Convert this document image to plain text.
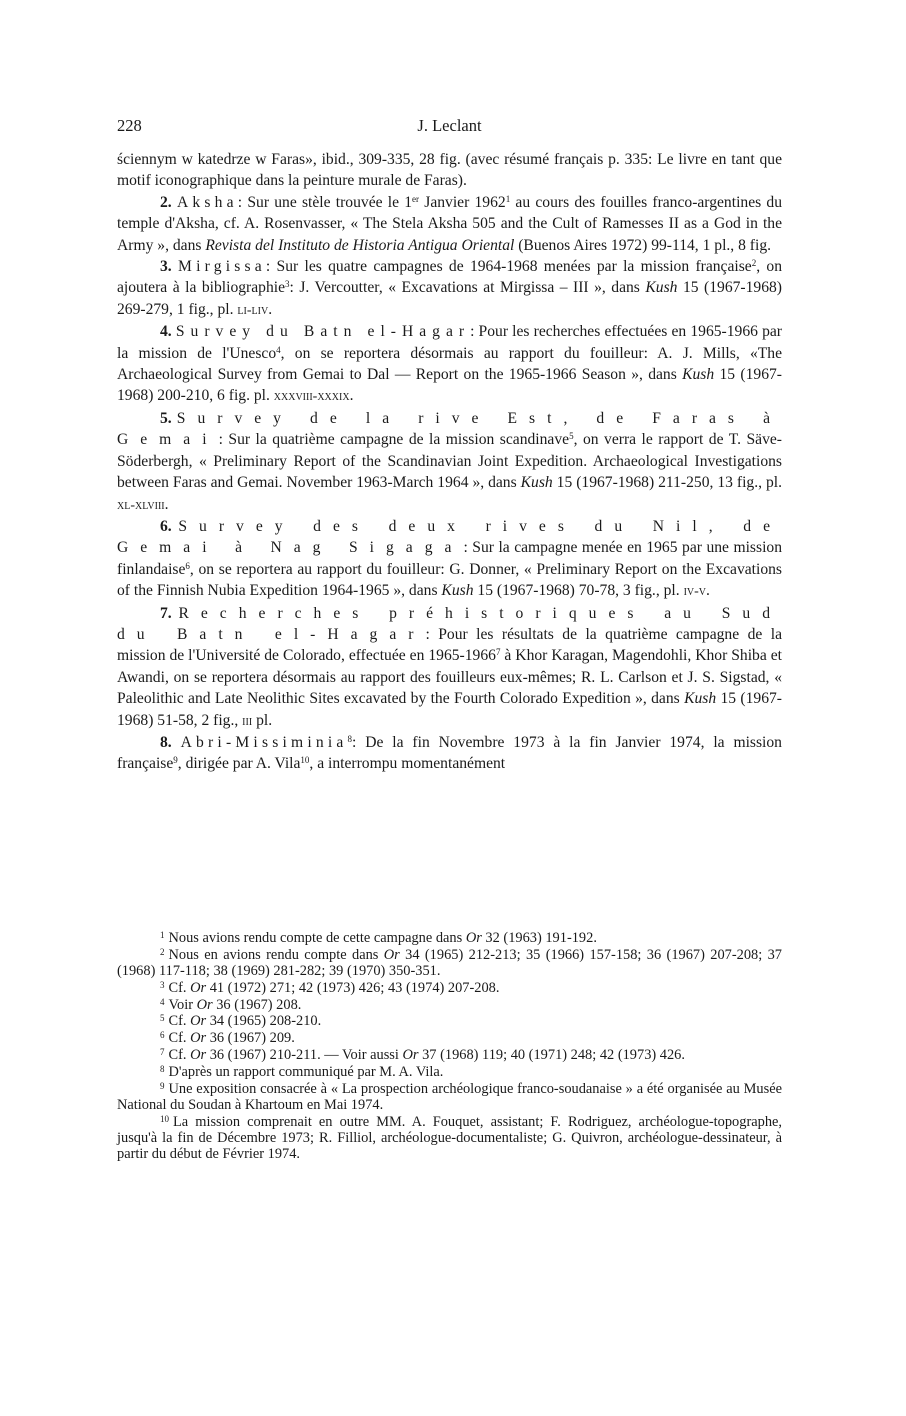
228	J. Leclant

ściennym w katedrze w Faras», ibid., 309-335, 28 fig. (avec résumé français p. 335: Le livre en tant que motif iconographique dans la peinture murale de Faras).

2. Aksha: Sur une stèle trouvée le 1er Janvier 1962$^1$ au cours des fouilles franco-argentines du temple d'Aksha, cf. A. Rosenvasser, « The Stela Aksha 505 and the Cult of Ramesses II as a God in the Army », dans Revista del Instituto de Historia Antigua Oriental (Buenos Aires 1972) 99-114, 1 pl., 8 fig.

3. Mirgissa: Sur les quatre campagnes de 1964-1968 menées par la mission française$^2$, on ajoutera à la bibliographie$^3$: J. Vercoutter, « Excavations at Mirgissa – III », dans Kush 15 (1967-1968) 269-279, 1 fig., pl. li-liv.

4. Survey du Batn el-Hagar: Pour les recherches effectuées en 1965-1966 par la mission de l'Unesco$^4$, on se reportera désormais au rapport du fouilleur: A. J. Mills, «The Archaeological Survey from Gemai to Dal — Report on the 1965-1966 Season », dans Kush 15 (1967-1968) 200-210, 6 fig. pl. xxxviii-xxxix.

5. Survey de la rive Est, de Faras à Gemai: Sur la quatrième campagne de la mission scandinave$^5$, on verra le rapport de T. Säve-Söderbergh, « Preliminary Report of the Scandinavian Joint Expedition. Archaeological Investigations between Faras and Gemai. November 1963-March 1964 », dans Kush 15 (1967-1968) 211-250, 13 fig., pl. xl-xlviii.

6. Survey des deux rives du Nil, de Gemai à Nag Sigaga: Sur la campagne menée en 1965 par une mission finlandaise$^6$, on se reportera au rapport du fouilleur: G. Donner, « Preliminary Report on the Excavations of the Finnish Nubia Expedition 1964-1965 », dans Kush 15 (1967-1968) 70-78, 3 fig., pl. iv-v.

7. Recherches préhistoriques au Sud du Batn el-Hagar: Pour les résultats de la quatrième campagne de la mission de l'Université de Colorado, effectuée en 1965-1966$^7$ à Khor Karagan, Magendohli, Khor Shiba et Awandi, on se reportera désormais au rapport des fouilleurs eux-mêmes; R. L. Carlson et J. S. Sigstad, « Paleolithic and Late Neolithic Sites excavated by the Fourth Colorado Expedition », dans Kush 15 (1967-1968) 51-58, 2 fig., iii pl.

8. Abri-Missiminia$^8$: De la fin Novembre 1973 à la fin Janvier 1974, la mission française$^9$, dirigée par A. Vila$^{10}$, a interrompu momentanément

$^1$ Nous avions rendu compte de cette campagne dans Or 32 (1963) 191-192.

$^2$ Nous en avions rendu compte dans Or 34 (1965) 212-213; 35 (1966) 157-158; 36 (1967) 207-208; 37 (1968) 117-118; 38 (1969) 281-282; 39 (1970) 350-351.

$^3$ Cf. Or 41 (1972) 271; 42 (1973) 426; 43 (1974) 207-208.

$^4$ Voir Or 36 (1967) 208.

$^5$ Cf. Or 34 (1965) 208-210.

$^6$ Cf. Or 36 (1967) 209.

$^7$ Cf. Or 36 (1967) 210-211. — Voir aussi Or 37 (1968) 119; 40 (1971) 248; 42 (1973) 426.

$^8$ D'après un rapport communiqué par M. A. Vila.

$^9$ Une exposition consacrée à « La prospection archéologique franco-soudanaise » a été organisée au Musée National du Soudan à Khartoum en Mai 1974.

$^{10}$ La mission comprenait en outre MM. A. Fouquet, assistant; F. Rodriguez, archéologue-topographe, jusqu'à la fin de Décembre 1973; R. Filliol, archéologue-documentaliste; G. Quivron, archéologue-dessinateur, à partir du début de Février 1974.
